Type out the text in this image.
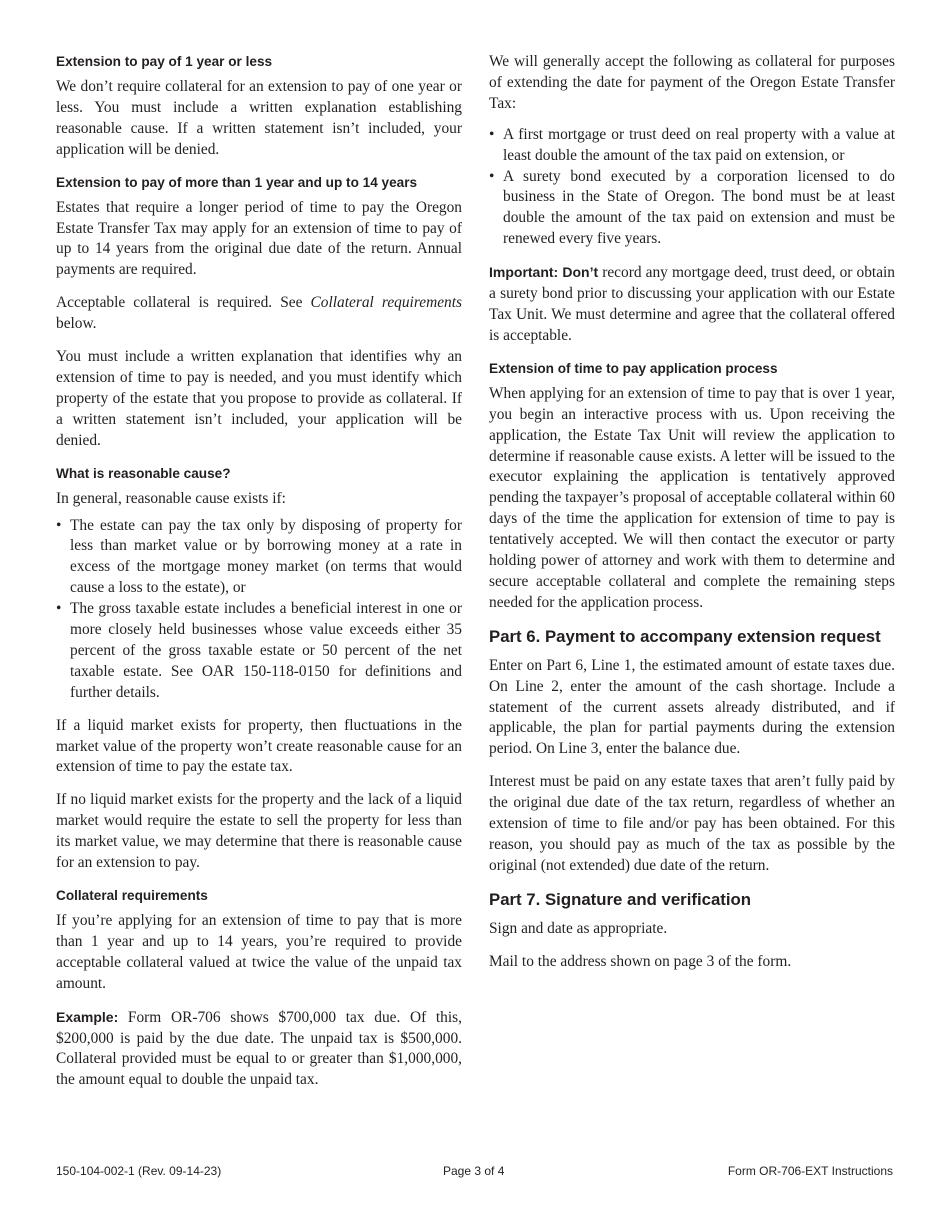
Extension to pay of 1 year or less

We don’t require collateral for an extension to pay of one year or less. You must include a written explanation establishing reasonable cause. If a written statement isn’t included, your application will be denied.

Extension to pay of more than 1 year and up to 14 years

Estates that require a longer period of time to pay the Oregon Estate Transfer Tax may apply for an extension of time to pay of up to 14 years from the original due date of the return. Annual payments are required.

Acceptable collateral is required. See Collateral requirements below.

You must include a written explanation that identifies why an extension of time to pay is needed, and you must identify which property of the estate that you propose to provide as collateral. If a written statement isn’t included, your application will be denied.

What is reasonable cause?

In general, reasonable cause exists if:

• The estate can pay the tax only by disposing of property for less than market value or by borrowing money at a rate in excess of the mortgage money market (on terms that would cause a loss to the estate), or
• The gross taxable estate includes a beneficial interest in one or more closely held businesses whose value exceeds either 35 percent of the gross taxable estate or 50 percent of the net taxable estate. See OAR 150-118-0150 for definitions and further details.

If a liquid market exists for property, then fluctuations in the market value of the property won’t create reasonable cause for an extension of time to pay the estate tax.

If no liquid market exists for the property and the lack of a liquid market would require the estate to sell the property for less than its market value, we may determine that there is reasonable cause for an extension to pay.

Collateral requirements

If you’re applying for an extension of time to pay that is more than 1 year and up to 14 years, you’re required to provide acceptable collateral valued at twice the value of the unpaid tax amount.

Example: Form OR-706 shows $700,000 tax due. Of this, $200,000 is paid by the due date. The unpaid tax is $500,000. Collateral provided must be equal to or greater than $1,000,000, the amount equal to double the unpaid tax.

We will generally accept the following as collateral for purposes of extending the date for payment of the Oregon Estate Transfer Tax:

• A first mortgage or trust deed on real property with a value at least double the amount of the tax paid on extension, or
• A surety bond executed by a corporation licensed to do business in the State of Oregon. The bond must be at least double the amount of the tax paid on extension and must be renewed every five years.

Important: Don’t record any mortgage deed, trust deed, or obtain a surety bond prior to discussing your application with our Estate Tax Unit. We must determine and agree that the collateral offered is acceptable.

Extension of time to pay application process

When applying for an extension of time to pay that is over 1 year, you begin an interactive process with us. Upon receiving the application, the Estate Tax Unit will review the application to determine if reasonable cause exists. A letter will be issued to the executor explaining the application is tentatively approved pending the taxpayer’s proposal of acceptable collateral within 60 days of the time the application for extension of time to pay is tentatively accepted. We will then contact the executor or party holding power of attorney and work with them to determine and secure acceptable collateral and complete the remaining steps needed for the application process.

Part 6. Payment to accompany extension request

Enter on Part 6, Line 1, the estimated amount of estate taxes due. On Line 2, enter the amount of the cash shortage. Include a statement of the current assets already distributed, and if applicable, the plan for partial payments during the extension period. On Line 3, enter the balance due.

Interest must be paid on any estate taxes that aren’t fully paid by the original due date of the tax return, regardless of whether an extension of time to file and/or pay has been obtained. For this reason, you should pay as much of the tax as possible by the original (not extended) due date of the return.

Part 7. Signature and verification

Sign and date as appropriate.

Mail to the address shown on page 3 of the form.

150-104-002-1 (Rev. 09-14-23)	Page 3 of 4	Form OR-706-EXT Instructions
